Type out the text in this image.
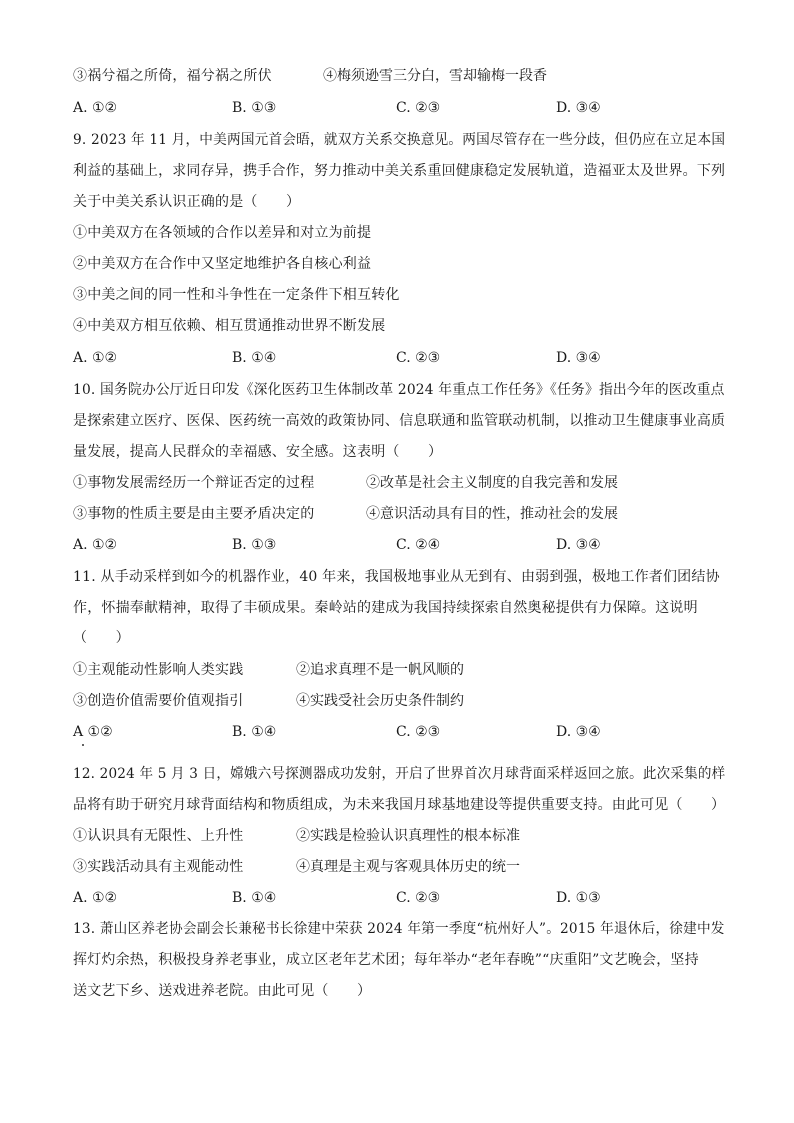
③祸兮福之所倚，福兮祸之所伏	④梅须逊雪三分白，雪却输梅一段香
A. ①②	B. ①③	C. ②③	D. ③④
9. 2023 年 11 月，中美两国元首会晤，就双方关系交换意见。两国尽管存在一些分歧，但仍应在立足本国
利益的基础上，求同存异，携手合作，努力推动中美关系重回健康稳定发展轨道，造福亚太及世界。下列
关于中美关系认识正确的是（　　）
①中美双方在各领域的合作以差异和对立为前提
②中美双方在合作中又坚定地维护各自核心利益
③中美之间的同一性和斗争性在一定条件下相互转化
④中美双方相互依赖、相互贯通推动世界不断发展
A. ①②	B. ①④	C. ②③	D. ③④
10. 国务院办公厅近日印发《深化医药卫生体制改革 2024 年重点工作任务》《任务》指出今年的医改重点
是探索建立医疗、医保、医药统一高效的政策协同、信息联通和监管联动机制，以推动卫生健康事业高质
量发展，提高人民群众的幸福感、安全感。这表明（　　）
①事物发展需经历一个辩证否定的过程	②改革是社会主义制度的自我完善和发展
③事物的性质主要是由主要矛盾决定的	④意识活动具有目的性，推动社会的发展
A. ①②	B. ①③	C. ②④	D. ③④
11. 从手动采样到如今的机器作业，40 年来，我国极地事业从无到有、由弱到强，极地工作者们团结协
作，怀揣奉献精神，取得了丰硕成果。秦岭站的建成为我国持续探索自然奥秘提供有力保障。这说明
（　　）
①主观能动性影响人类实践	②追求真理不是一帆风顺的
③创造价值需要价值观指引	④实践受社会历史条件制约
A ①②	B. ①④	C. ②③	D. ③④
12. 2024 年 5 月 3 日，嫦娥六号探测器成功发射，开启了世界首次月球背面采样返回之旅。此次采集的样
品将有助于研究月球背面结构和物质组成，为未来我国月球基地建设等提供重要支持。由此可见（　　）
①认识具有无限性、上升性	②实践是检验认识真理性的根本标准
③实践活动具有主观能动性	④真理是主观与客观具体历史的统一
A. ①②	B. ①④	C. ②③	D. ①③
13. 萧山区养老协会副会长兼秘书长徐建中荣获 2024 年第一季度“杭州好人”。2015 年退休后，徐建中发
挥灯灼余热，积极投身养老事业，成立区老年艺术团；每年举办“老年春晚”“庆重阳”文艺晚会，坚持
送文艺下乡、送戏进养老院。由此可见（　　）
